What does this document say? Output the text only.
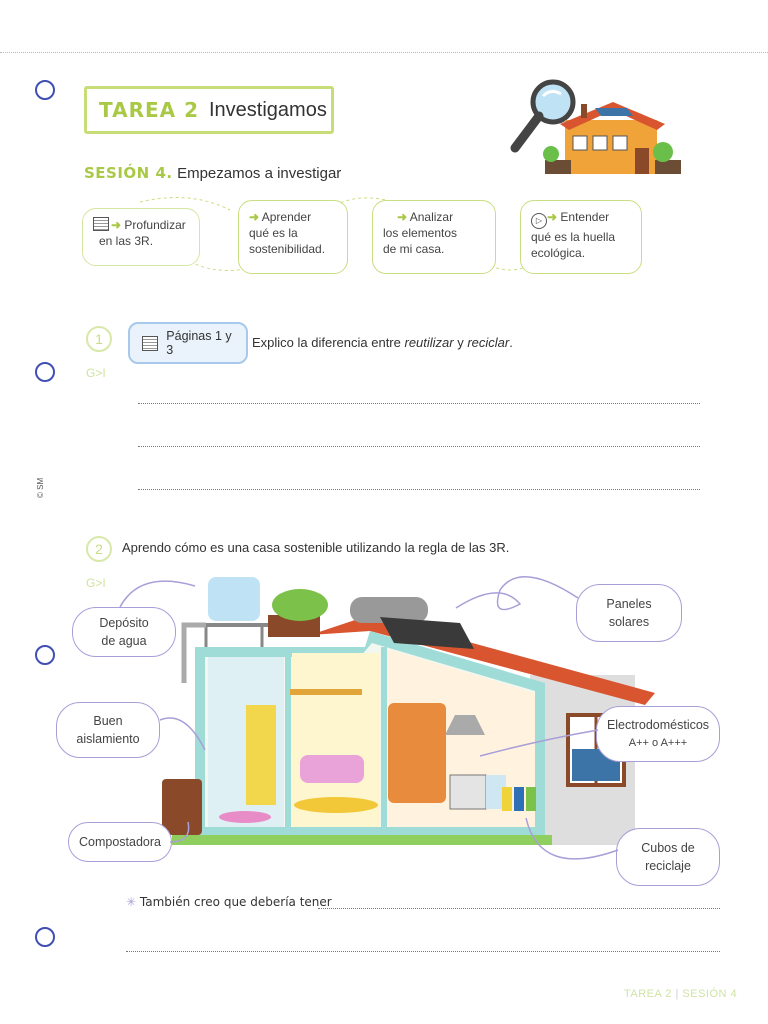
© SM
TAREA 2 Investigamos
SESIÓN 4. Empezamos a investigar
➜ Profundizar
en las 3R.
➜ Aprender
qué es la
sostenibilidad.
➜ Analizar
los elementos
de mi casa.
▷ ➜ Entender
qué es la huella
ecológica.
1
G>I
Páginas 1 y 3	Explico la diferencia entre reutilizar y reciclar.
2
G>I
Aprendo cómo es una casa sostenible utilizando la regla de las 3R.
Depósito
de agua
Paneles
solares
Buen
aislamiento
Electrodomésticos
A++ o A+++
Compostadora	Cubos de
reciclaje
✳ También creo que debería tener
TAREA 2 | SESIÓN 4
